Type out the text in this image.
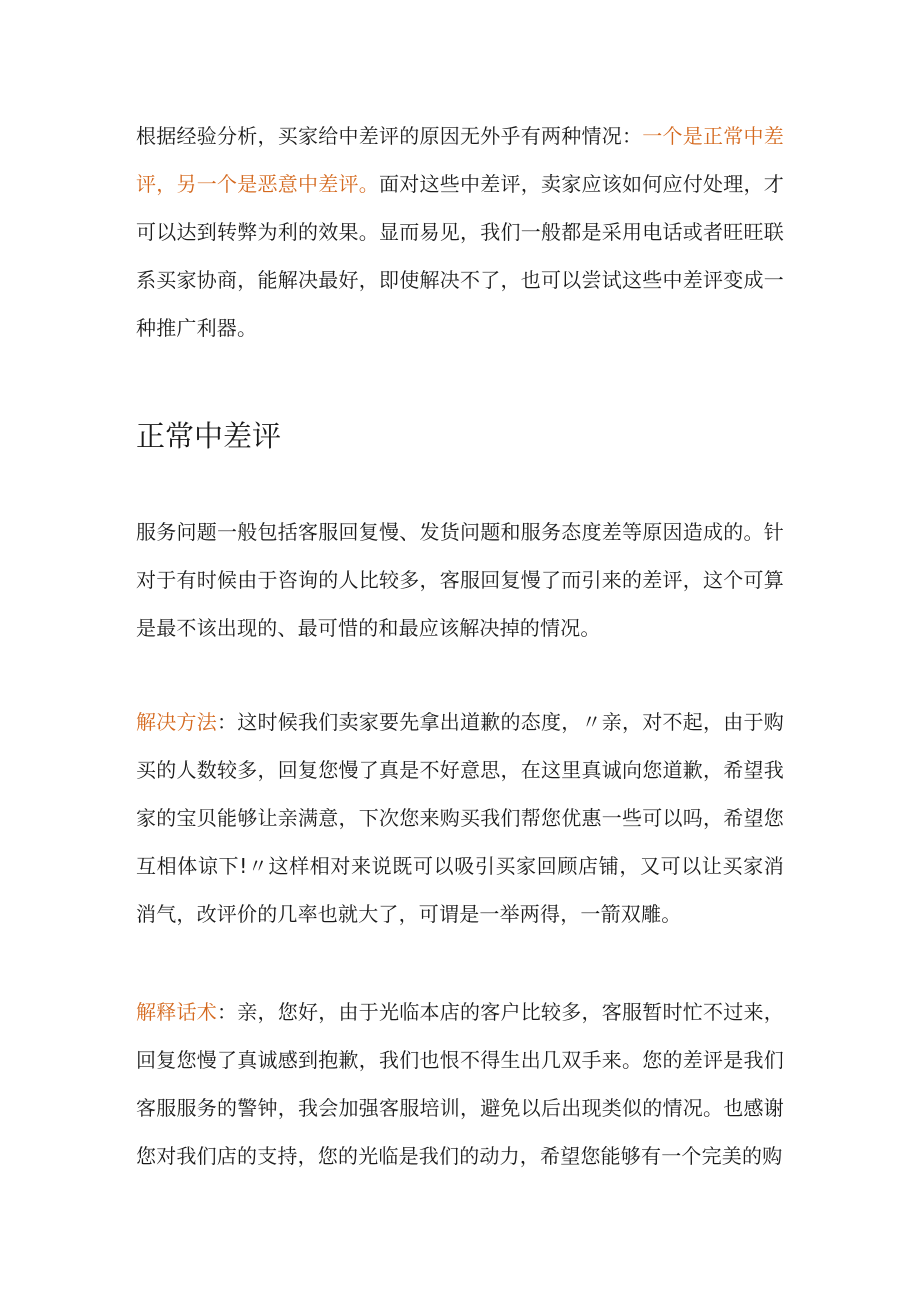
根据经验分析，买家给中差评的原因无外乎有两种情况：一个是正常中差评，另一个是恶意中差评。面对这些中差评，卖家应该如何应付处理，才可以达到转弊为利的效果。显而易见，我们一般都是采用电话或者旺旺联系买家协商，能解决最好，即使解决不了，也可以尝试这些中差评变成一种推广利器。

正常中差评

服务问题一般包括客服回复慢、发货问题和服务态度差等原因造成的。针对于有时候由于咨询的人比较多，客服回复慢了而引来的差评，这个可算是最不该出现的、最可惜的和最应该解决掉的情况。

解决方法：这时候我们卖家要先拿出道歉的态度，〃亲，对不起，由于购买的人数较多，回复您慢了真是不好意思，在这里真诚向您道歉，希望我家的宝贝能够让亲满意，下次您来购买我们帮您优惠一些可以吗，希望您互相体谅下!〃这样相对来说既可以吸引买家回顾店铺，又可以让买家消消气，改评价的几率也就大了，可谓是一举两得，一箭双雕。

解释话术：亲，您好，由于光临本店的客户比较多，客服暂时忙不过来，回复您慢了真诚感到抱歉，我们也恨不得生出几双手来。您的差评是我们客服服务的警钟，我会加强客服培训，避免以后出现类似的情况。也感谢您对我们店的支持，您的光临是我们的动力，希望您能够有一个完美的购
